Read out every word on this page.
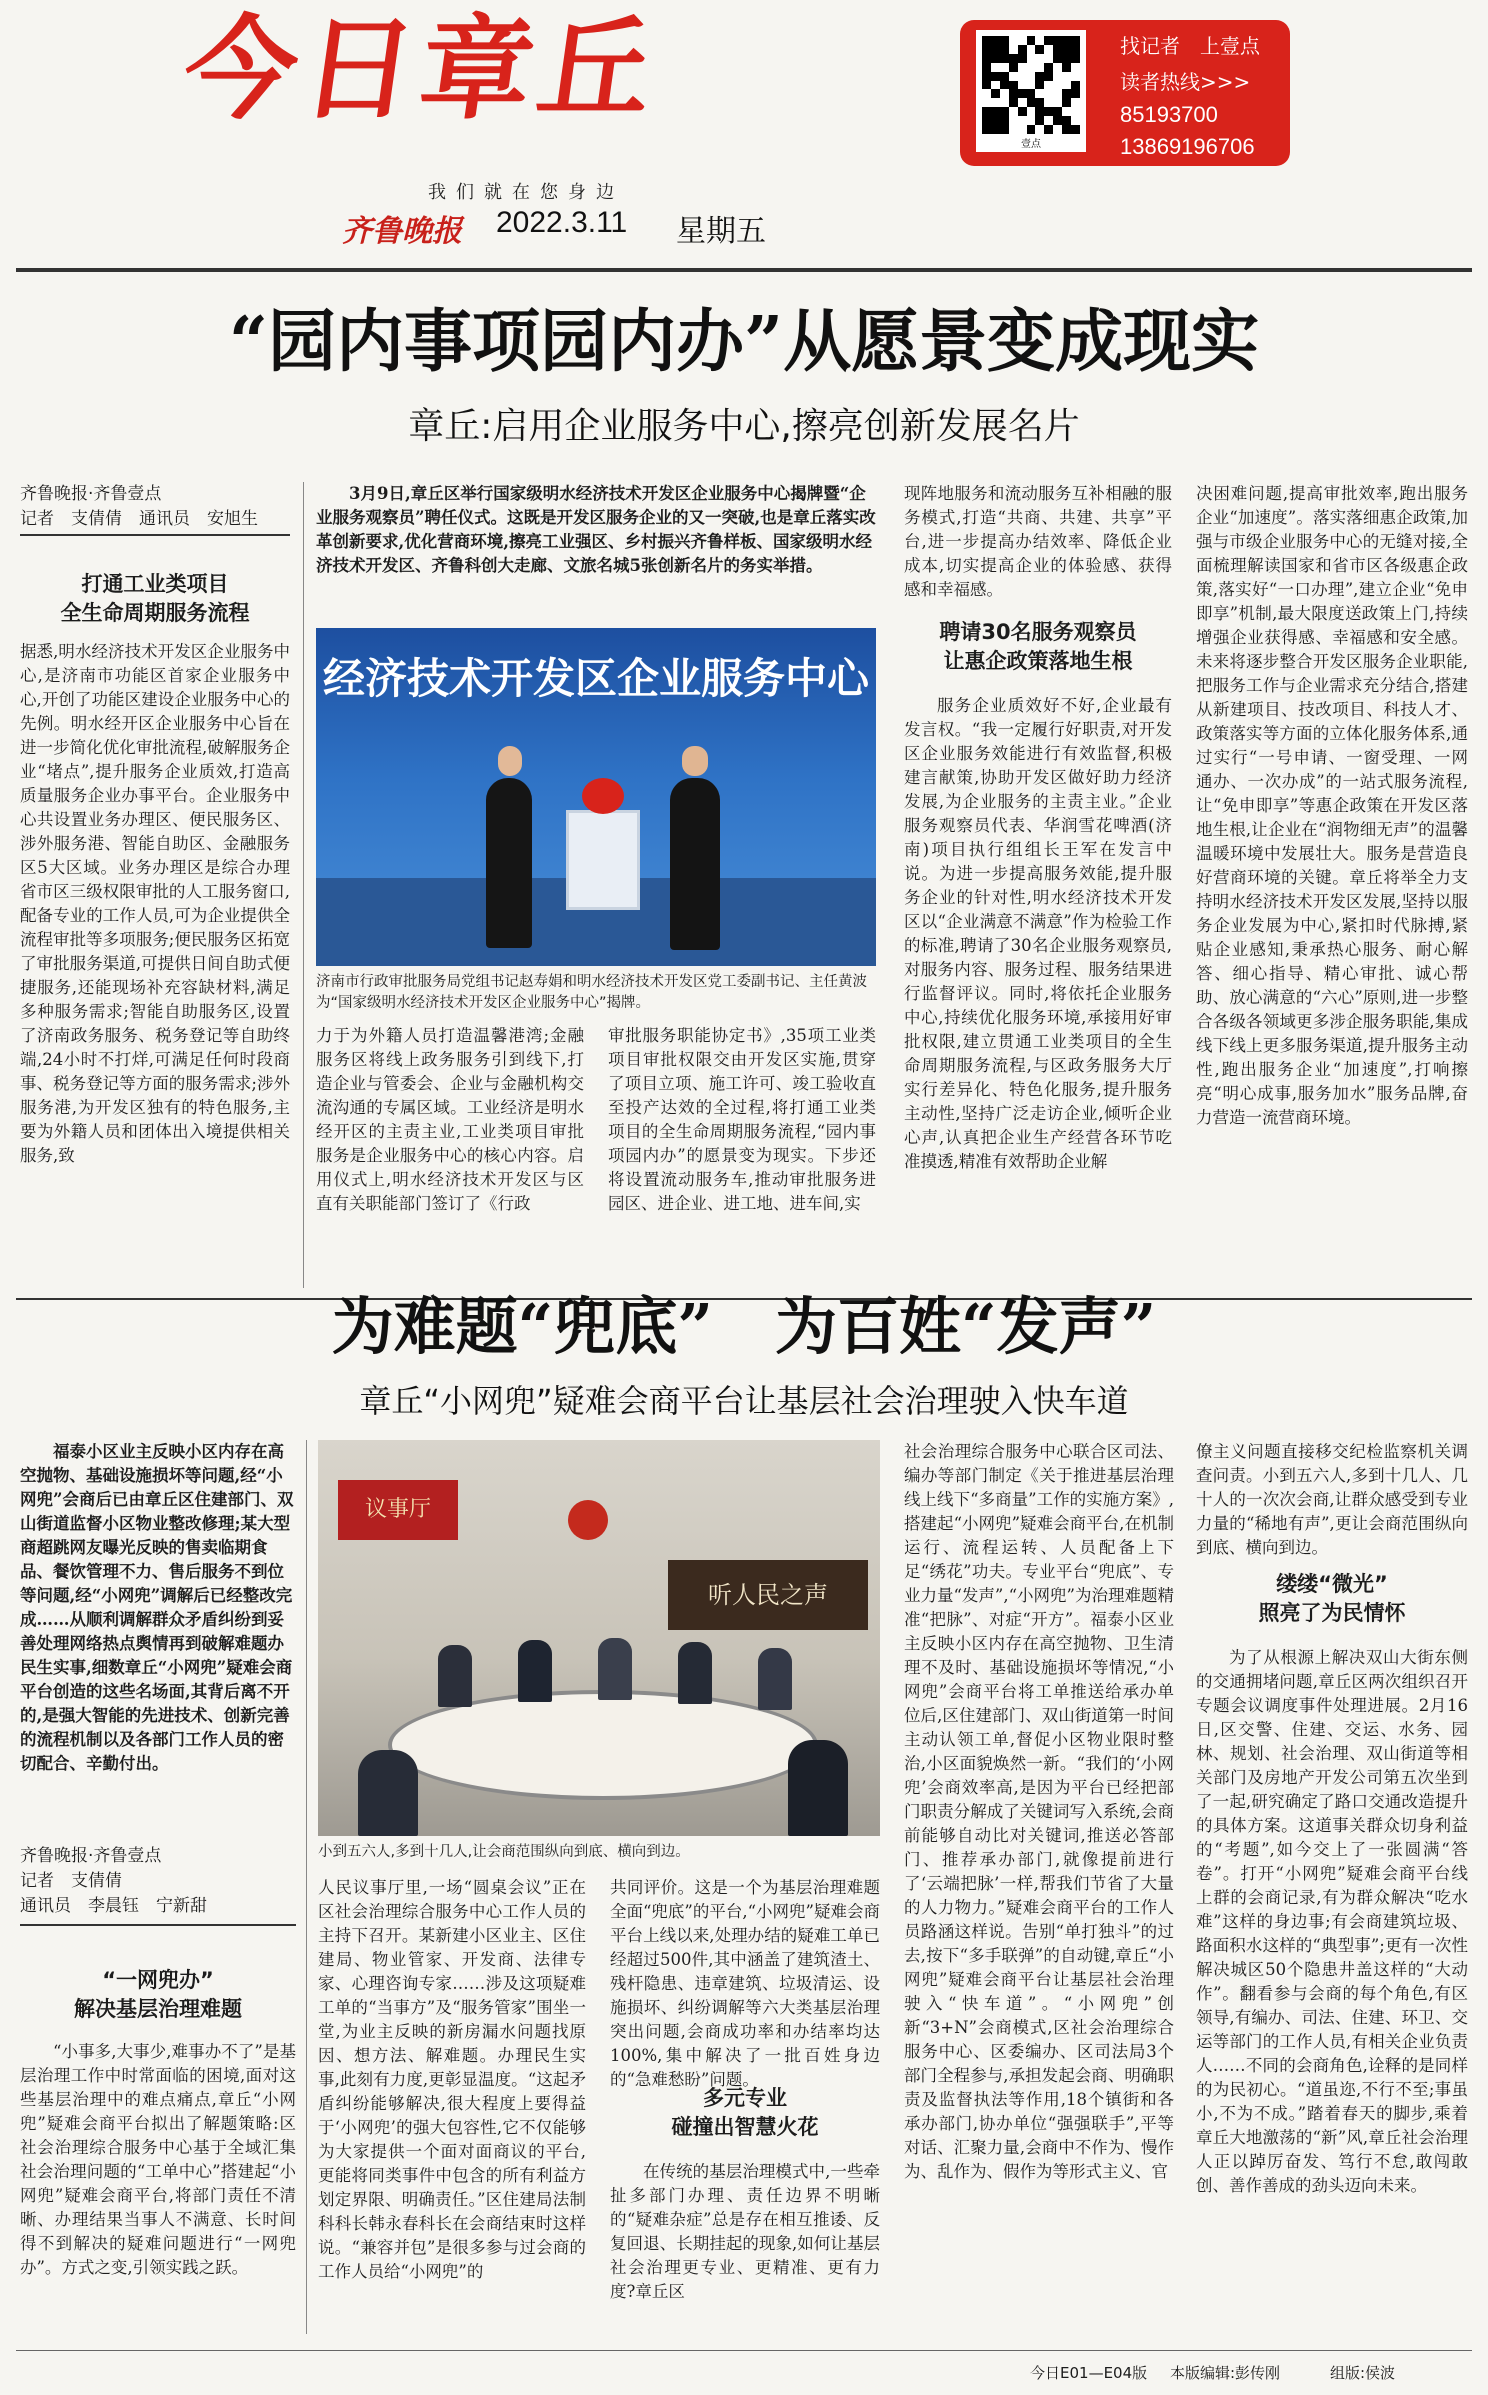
今日章丘
我们就在您身边
齐鲁晚报 2022.3.11 星期五
壹点
找记者　上壹点
读者热线>>>
85193700
13869196706
“园内事项园内办”从愿景变成现实
章丘:启用企业服务中心,擦亮创新发展名片
齐鲁晚报·齐鲁壹点
记者　支倩倩　通讯员　安旭生
打通工业类项目
全生命周期服务流程
据悉,明水经济技术开发区企业服务中心,是济南市功能区首家企业服务中心,开创了功能区建设企业服务中心的先例。明水经开区企业服务中心旨在进一步简化优化审批流程,破解服务企业“堵点”,提升服务企业质效,打造高质量服务企业办事平台。企业服务中心共设置业务办理区、便民服务区、涉外服务港、智能自助区、金融服务区5大区域。业务办理区是综合办理省市区三级权限审批的人工服务窗口,配备专业的工作人员,可为企业提供全流程审批等多项服务;便民服务区拓宽了审批服务渠道,可提供日间自助式便捷服务,还能现场补充容缺材料,满足多种服务需求;智能自助服务区,设置了济南政务服务、税务登记等自助终端,24小时不打烊,可满足任何时段商事、税务登记等方面的服务需求;涉外服务港,为开发区独有的特色服务,主要为外籍人员和团体出入境提供相关服务,致
3月9日,章丘区举行国家级明水经济技术开发区企业服务中心揭牌暨“企业服务观察员”聘任仪式。这既是开发区服务企业的又一突破,也是章丘落实改革创新要求,优化营商环境,擦亮工业强区、乡村振兴齐鲁样板、国家级明水经济技术开发区、齐鲁科创大走廊、文旅名城5张创新名片的务实举措。
经济技术开发区企业服务中心
济南市行政审批服务局党组书记赵寿娟和明水经济技术开发区党工委副书记、主任黄波为“国家级明水经济技术开发区企业服务中心”揭牌。
力于为外籍人员打造温馨港湾;金融服务区将线上政务服务引到线下,打造企业与管委会、企业与金融机构交流沟通的专属区域。工业经济是明水经开区的主责主业,工业类项目审批服务是企业服务中心的核心内容。启用仪式上,明水经济技术开发区与区直有关职能部门签订了《行政
审批服务职能协定书》,35项工业类项目审批权限交由开发区实施,贯穿了项目立项、施工许可、竣工验收直至投产达效的全过程,将打通工业类项目的全生命周期服务流程,“园内事项园内办”的愿景变为现实。下步还将设置流动服务车,推动审批服务进园区、进企业、进工地、进车间,实
现阵地服务和流动服务互补相融的服务模式,打造“共商、共建、共享”平台,进一步提高办结效率、降低企业成本,切实提高企业的体验感、获得感和幸福感。
聘请30名服务观察员
让惠企政策落地生根
服务企业质效好不好,企业最有发言权。“我一定履行好职责,对开发区企业服务效能进行有效监督,积极建言献策,协助开发区做好助力经济发展,为企业服务的主责主业。”企业服务观察员代表、华润雪花啤酒(济南)项目执行组组长王军在发言中说。为进一步提高服务效能,提升服务企业的针对性,明水经济技术开发区以“企业满意不满意”作为检验工作的标准,聘请了30名企业服务观察员,对服务内容、服务过程、服务结果进行监督评议。同时,将依托企业服务中心,持续优化服务环境,承接用好审批权限,建立贯通工业类项目的全生命周期服务流程,与区政务服务大厅实行差异化、特色化服务,提升服务主动性,坚持广泛走访企业,倾听企业心声,认真把企业生产经营各环节吃准摸透,精准有效帮助企业解
决困难问题,提高审批效率,跑出服务企业“加速度”。落实落细惠企政策,加强与市级企业服务中心的无缝对接,全面梳理解读国家和省市区各级惠企政策,落实好“一口办理”,建立企业“免申即享”机制,最大限度送政策上门,持续增强企业获得感、幸福感和安全感。未来将逐步整合开发区服务企业职能,把服务工作与企业需求充分结合,搭建从新建项目、技改项目、科技人才、政策落实等方面的立体化服务体系,通过实行“一号申请、一窗受理、一网通办、一次办成”的一站式服务流程,让“免申即享”等惠企政策在开发区落地生根,让企业在“润物细无声”的温馨温暖环境中发展壮大。服务是营造良好营商环境的关键。章丘将举全力支持明水经济技术开发区发展,坚持以服务企业发展为中心,紧扣时代脉搏,紧贴企业感知,秉承热心服务、耐心解答、细心指导、精心审批、诚心帮助、放心满意的“六心”原则,进一步整合各级各领域更多涉企服务职能,集成线下线上更多服务渠道,提升服务主动性,跑出服务企业“加速度”,打响擦亮“明心成事,服务加水”服务品牌,奋力营造一流营商环境。
为难题“兜底”　为百姓“发声”
章丘“小网兜”疑难会商平台让基层社会治理驶入快车道
福泰小区业主反映小区内存在高空抛物、基础设施损坏等问题,经“小网兜”会商后已由章丘区住建部门、双山街道监督小区物业整改修理;某大型商超跳网友曝光反映的售卖临期食品、餐饮管理不力、售后服务不到位等问题,经“小网兜”调解后已经整改完成……从顺利调解群众矛盾纠纷到妥善处理网络热点舆情再到破解难题办民生实事,细数章丘“小网兜”疑难会商平台创造的这些名场面,其背后离不开的,是强大智能的先进技术、创新完善的流程机制以及各部门工作人员的密切配合、辛勤付出。
齐鲁晚报·齐鲁壹点
记者　支倩倩
通讯员　李晨钰　宁新甜
“一网兜办”
解决基层治理难题
“小事多,大事少,难事办不了”是基层治理工作中时常面临的困境,面对这些基层治理中的难点痛点,章丘“小网兜”疑难会商平台拟出了解题策略:区社会治理综合服务中心基于全域汇集社会治理问题的“工单中心”搭建起“小网兜”疑难会商平台,将部门责任不清晰、办理结果当事人不满意、长时间得不到解决的疑难问题进行“一网兜办”。方式之变,引领实践之跃。
议事厅
听人民之声
小到五六人,多到十几人,让会商范围纵向到底、横向到边。
人民议事厅里,一场“圆桌会议”正在区社会治理综合服务中心工作人员的主持下召开。某新建小区业主、区住建局、物业管家、开发商、法律专家、心理咨询专家……涉及这项疑难工单的“当事方”及“服务管家”围坐一堂,为业主反映的新房漏水问题找原因、想方法、解难题。办理民生实事,此刻有力度,更彰显温度。“这起矛盾纠纷能够解决,很大程度上要得益于‘小网兜’的强大包容性,它不仅能够为大家提供一个面对面商议的平台,更能将同类事件中包含的所有利益方划定界限、明确责任。”区住建局法制科科长韩永春科长在会商结束时这样说。“兼容并包”是很多参与过会商的工作人员给“小网兜”的
共同评价。这是一个为基层治理难题全面“兜底”的平台,“小网兜”疑难会商平台上线以来,处理办结的疑难工单已经超过500件,其中涵盖了建筑渣土、残杆隐患、违章建筑、垃圾清运、设施损坏、纠纷调解等六大类基层治理突出问题,会商成功率和办结率均达100%,集中解决了一批百姓身边的“急难愁盼”问题。
多元专业
碰撞出智慧火花
在传统的基层治理模式中,一些牵扯多部门办理、责任边界不明晰的“疑难杂症”总是存在相互推诿、反复回退、长期挂起的现象,如何让基层社会治理更专业、更精准、更有力度?章丘区
社会治理综合服务中心联合区司法、编办等部门制定《关于推进基层治理线上线下“多商量”工作的实施方案》,搭建起“小网兜”疑难会商平台,在机制运行、流程运转、人员配备上下足“绣花”功夫。专业平台“兜底”、专业力量“发声”,“小网兜”为治理难题精准“把脉”、对症“开方”。福泰小区业主反映小区内存在高空抛物、卫生清理不及时、基础设施损坏等情况,“小网兜”会商平台将工单推送给承办单位后,区住建部门、双山街道第一时间主动认领工单,督促小区物业限时整治,小区面貌焕然一新。“我们的‘小网兜’会商效率高,是因为平台已经把部门职责分解成了关键词写入系统,会商前能够自动比对关键词,推送必答部门、推荐承办部门,就像提前进行了‘云端把脉’一样,帮我们节省了大量的人力物力。”疑难会商平台的工作人员路涵这样说。告别“单打独斗”的过去,按下“多手联弹”的自动键,章丘“小网兜”疑难会商平台让基层社会治理驶入“快车道”。“小网兜”创新“3+N”会商模式,区社会治理综合服务中心、区委编办、区司法局3个部门全程参与,承担发起会商、明确职责及监督执法等作用,18个镇街和各承办部门,协办单位“强强联手”,平等对话、汇聚力量,会商中不作为、慢作为、乱作为、假作为等形式主义、官
僚主义问题直接移交纪检监察机关调查问责。小到五六人,多到十几人、几十人的一次次会商,让群众感受到专业力量的“稀地有声”,更让会商范围纵向到底、横向到边。
缕缕“微光”
照亮了为民情怀
为了从根源上解决双山大街东侧的交通拥堵问题,章丘区两次组织召开专题会议调度事件处理进展。2月16日,区交警、住建、交运、水务、园林、规划、社会治理、双山街道等相关部门及房地产开发公司第五次坐到了一起,研究确定了路口交通改造提升的具体方案。这道事关群众切身利益的“考题”,如今交上了一张圆满“答卷”。打开“小网兜”疑难会商平台线上群的会商记录,有为群众解决“吃水难”这样的身边事;有会商建筑垃圾、路面积水这样的“典型事”;更有一次性解决城区50个隐患井盖这样的“大动作”。翻看参与会商的每个角色,有区领导,有编办、司法、住建、环卫、交运等部门的工作人员,有相关企业负责人……不同的会商角色,诠释的是同样的为民初心。“道虽迩,不行不至;事虽小,不为不成。”踏着春天的脚步,乘着章丘大地激荡的“新”风,章丘社会治理人正以踔厉奋发、笃行不怠,敢闯敢创、善作善成的劲头迈向未来。
今日E01—E04版 本版编辑:彭传刚	组版:侯波
